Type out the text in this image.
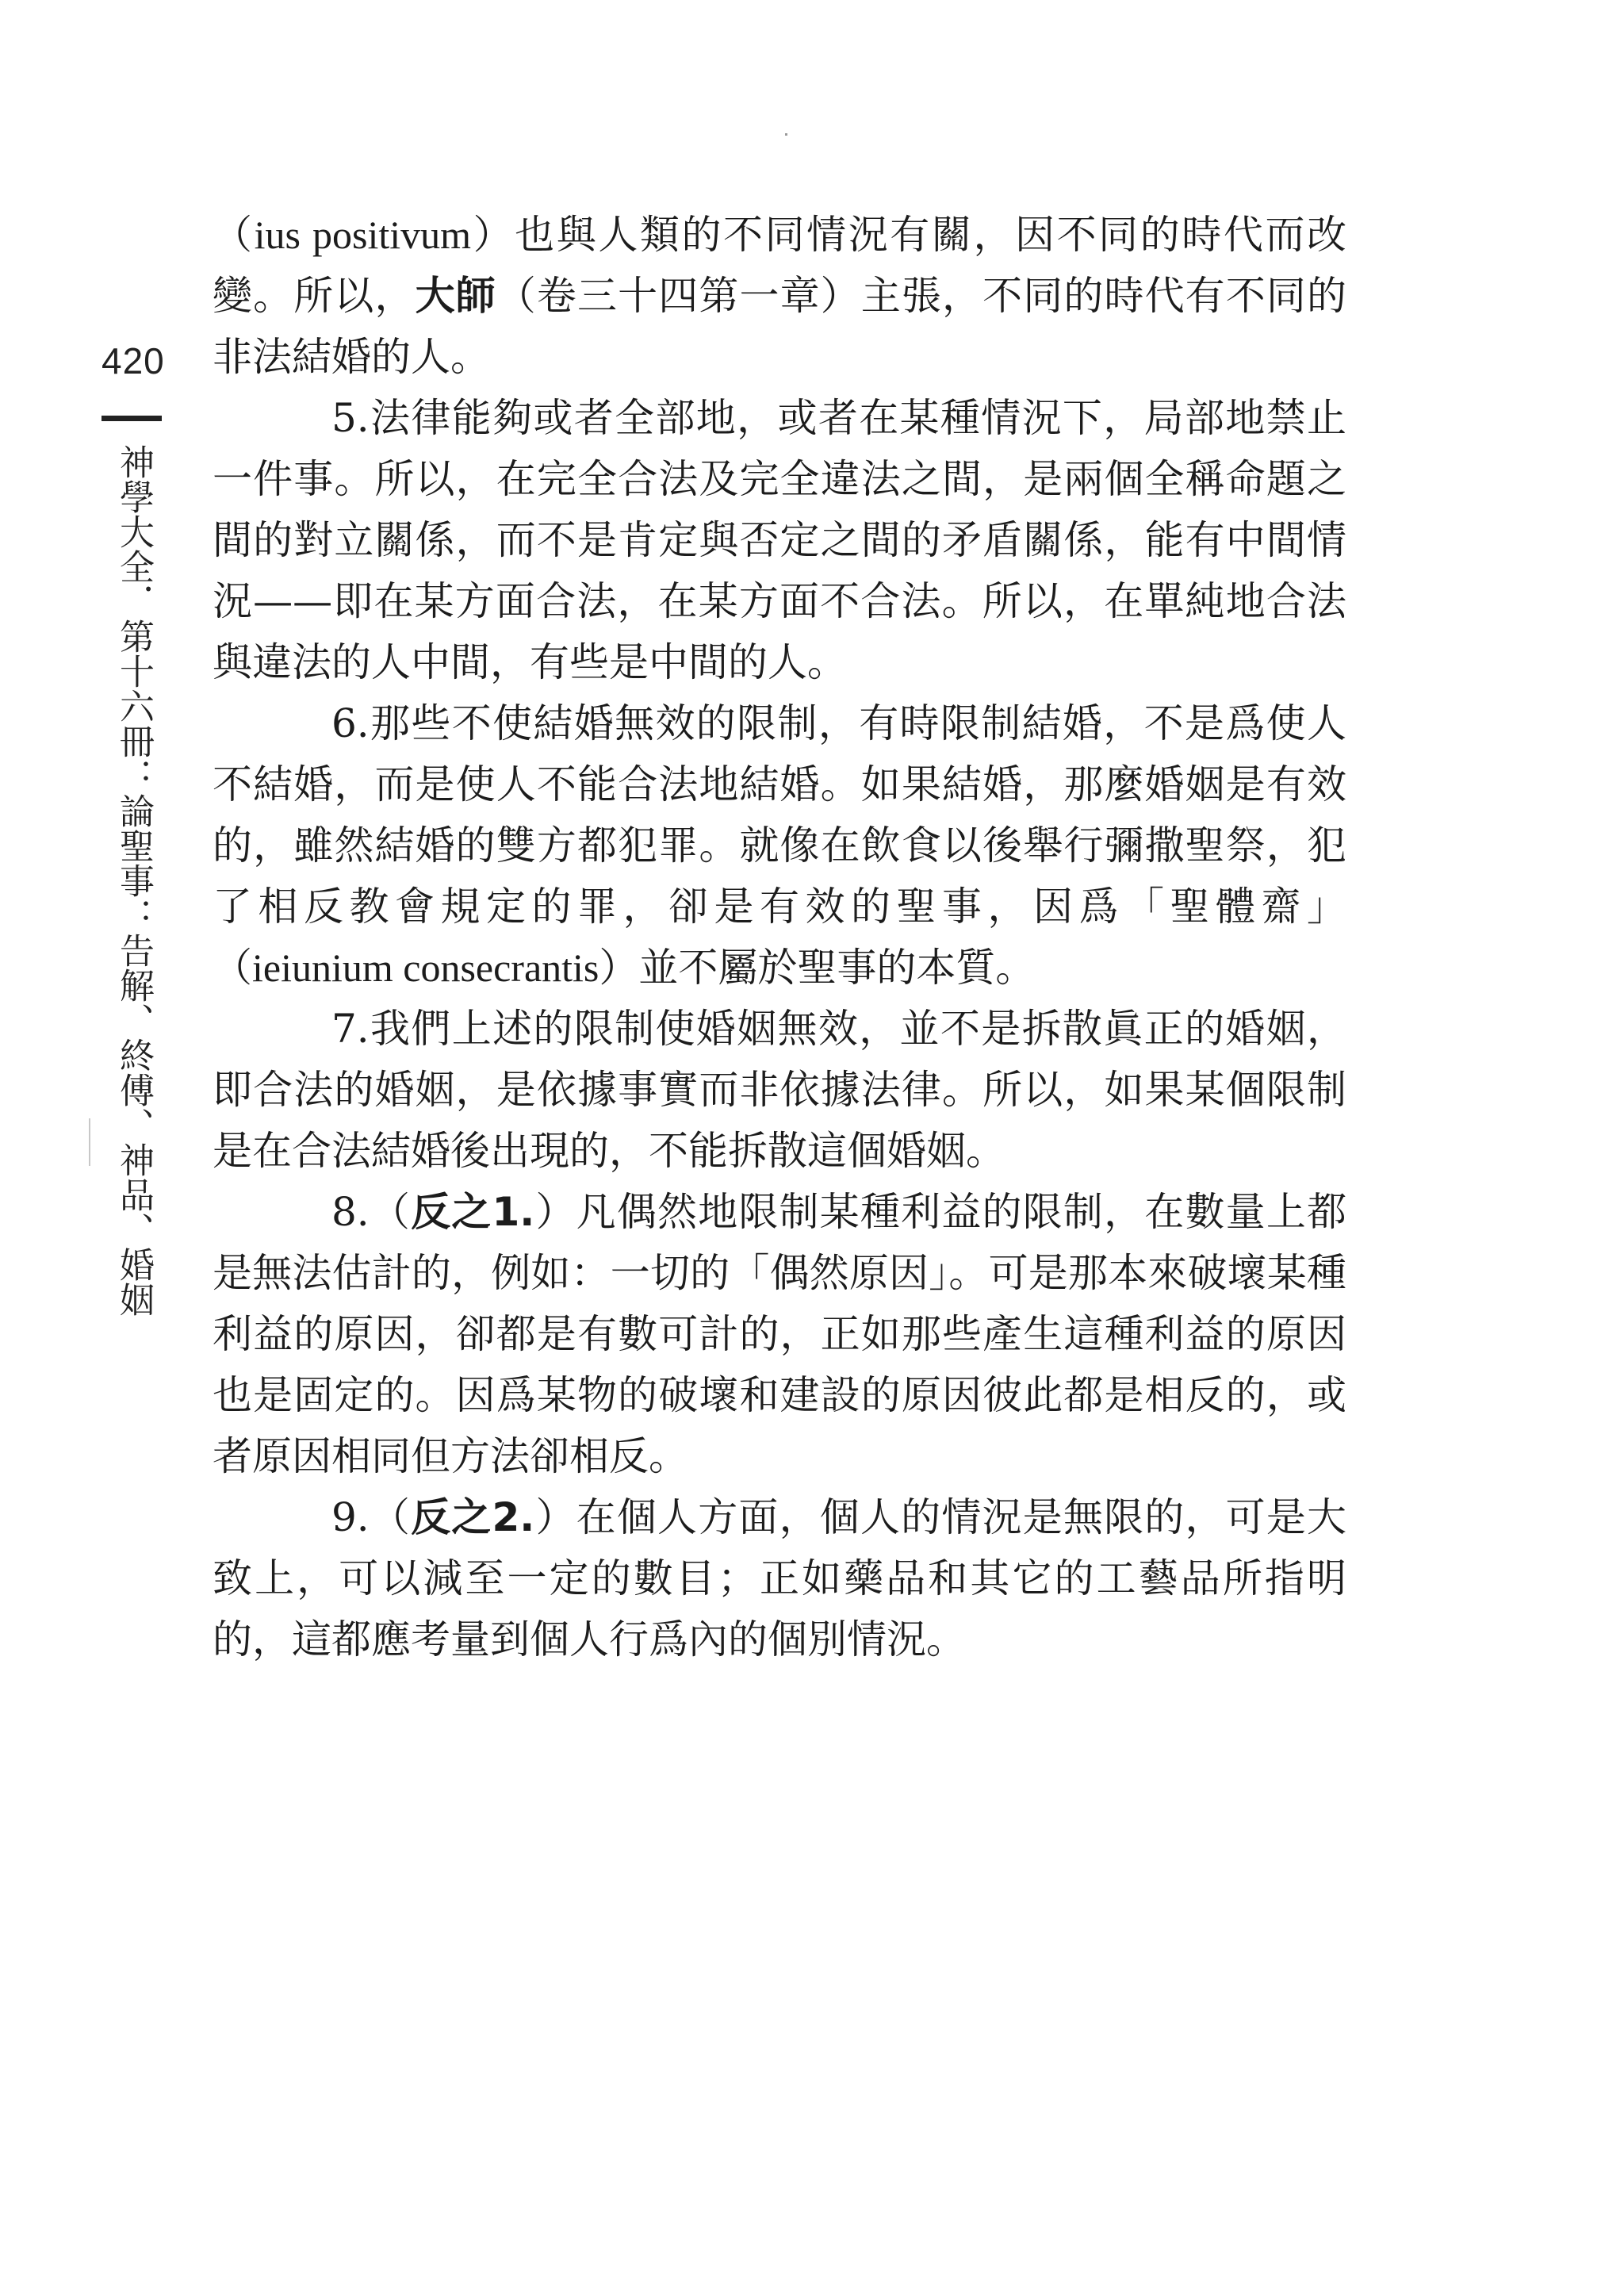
420
神學大全．第十六冊：論聖事：告解、終傅、神品、婚姻

（ius positivum）也與人類的不同情況有關，因不同的時代而改變。所以，大師（卷三十四第一章）主張，不同的時代有不同的非法結婚的人。

5.法律能夠或者全部地，或者在某種情況下，局部地禁止一件事。所以，在完全合法及完全違法之間，是兩個全稱命題之間的對立關係，而不是肯定與否定之間的矛盾關係，能有中間情況——即在某方面合法，在某方面不合法。所以，在單純地合法與違法的人中間，有些是中間的人。

6.那些不使結婚無效的限制，有時限制結婚，不是爲使人不結婚，而是使人不能合法地結婚。如果結婚，那麼婚姻是有效的，雖然結婚的雙方都犯罪。就像在飲食以後舉行彌撒聖祭，犯了相反教會規定的罪，卻是有效的聖事，因爲「聖體齋」（ieiunium consecrantis）並不屬於聖事的本質。

7.我們上述的限制使婚姻無效，並不是拆散眞正的婚姻，即合法的婚姻，是依據事實而非依據法律。所以，如果某個限制是在合法結婚後出現的，不能拆散這個婚姻。

8.（反之1.）凡偶然地限制某種利益的限制，在數量上都是無法估計的，例如：一切的「偶然原因」。可是那本來破壞某種利益的原因，卻都是有數可計的，正如那些產生這種利益的原因也是固定的。因爲某物的破壞和建設的原因彼此都是相反的，或者原因相同但方法卻相反。

9.（反之2.）在個人方面，個人的情況是無限的，可是大致上，可以減至一定的數目；正如藥品和其它的工藝品所指明的，這都應考量到個人行爲內的個別情況。
